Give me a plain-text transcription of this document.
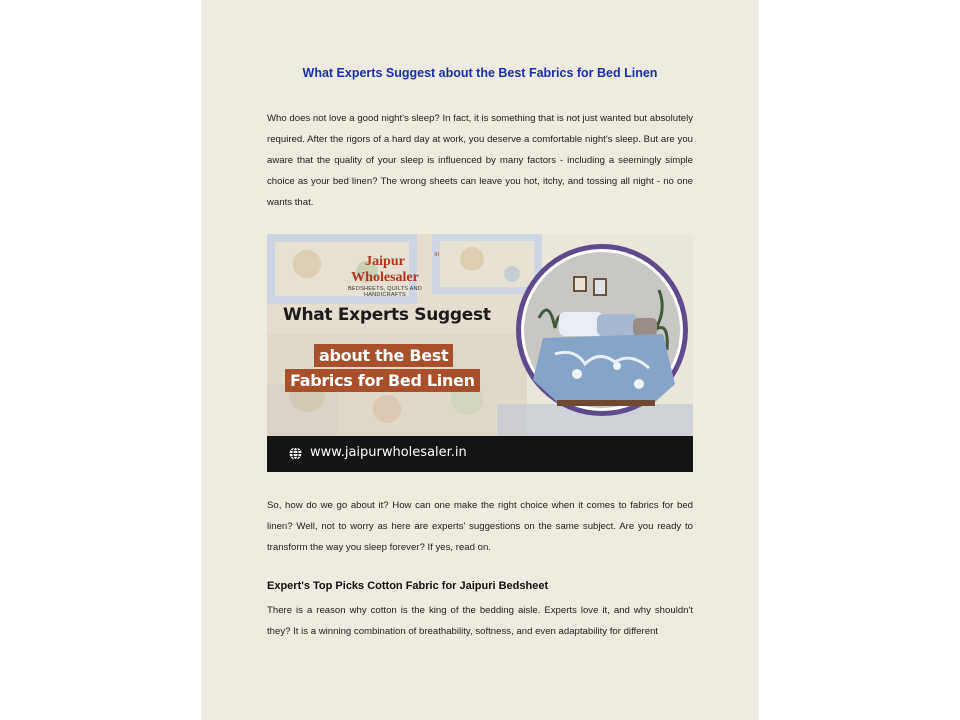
What Experts Suggest about the Best Fabrics for Bed Linen

Who does not love a good night's sleep? In fact, it is something that is not just wanted but absolutely required. After the rigors of a hard day at work, you deserve a comfortable night's sleep. But are you aware that the quality of your sleep is influenced by many factors - including a seemingly simple choice as your bed linen? The wrong sheets can leave you hot, itchy, and tossing all night - no one wants that.

Jaipur Wholesaler
in
BEDSHEETS, QUILTS AND HANDICRAFTS
What Experts Suggest
about the Best
Fabrics for Bed Linen
www.jaipurwholesaler.in

So, how do we go about it? How can one make the right choice when it comes to fabrics for bed linen? Well, not to worry as here are experts' suggestions on the same subject. Are you ready to transform the way you sleep forever? If yes, read on.

Expert's Top Picks Cotton Fabric for Jaipuri Bedsheet

There is a reason why cotton is the king of the bedding aisle. Experts love it, and why shouldn't they? It is a winning combination of breathability, softness, and even adaptability for different
